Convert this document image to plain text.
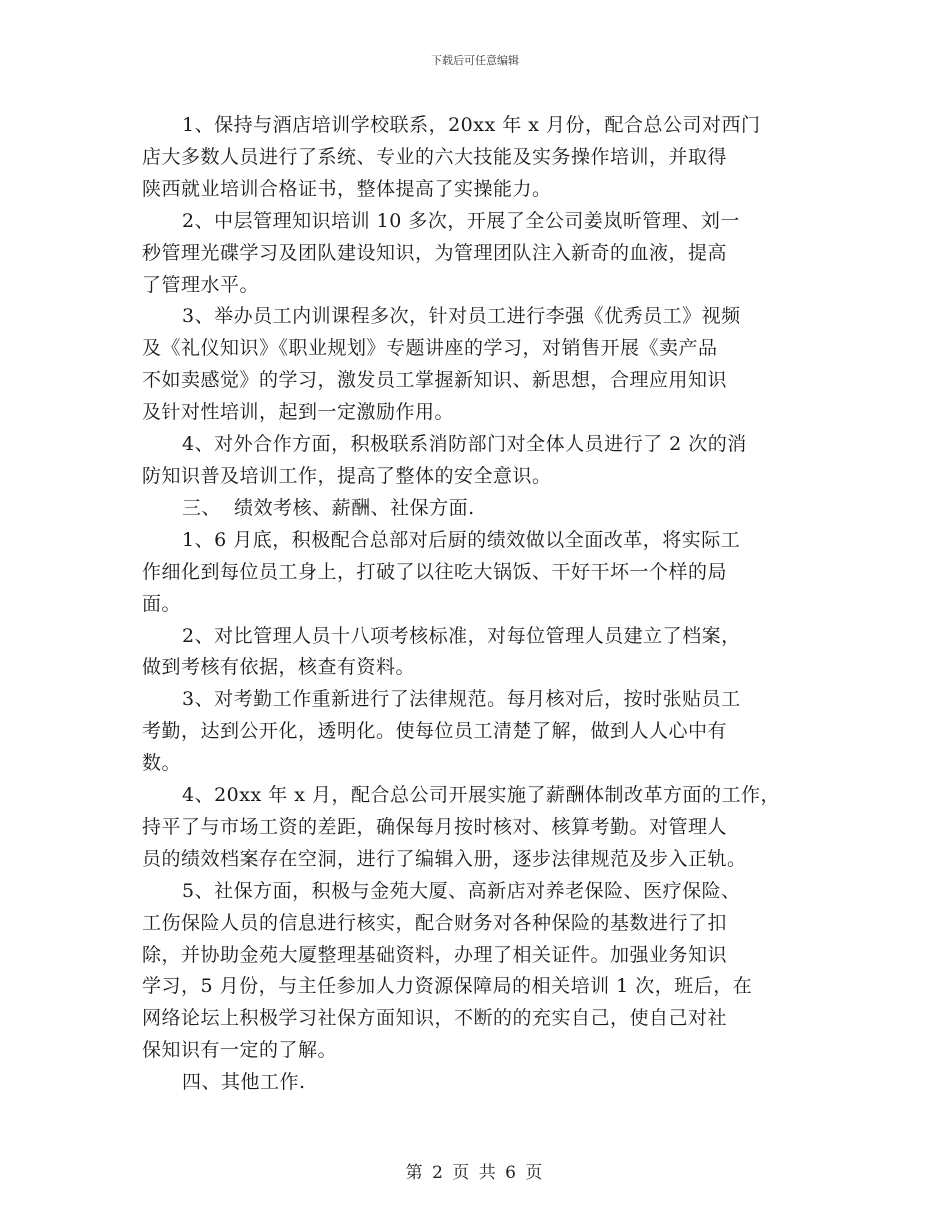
下载后可任意编辑
1、保持与酒店培训学校联系，20xx 年 x 月份，配合总公司对西门
店大多数人员进行了系统、专业的六大技能及实务操作培训，并取得
陕西就业培训合格证书，整体提高了实操能力。
2、中层管理知识培训 10 多次，开展了全公司姜岚昕管理、刘一
秒管理光碟学习及团队建设知识，为管理团队注入新奇的血液，提高
了管理水平。
3、举办员工内训课程多次，针对员工进行李强《优秀员工》视频
及《礼仪知识》《职业规划》专题讲座的学习，对销售开展《卖产品
不如卖感觉》的学习，激发员工掌握新知识、新思想，合理应用知识
及针对性培训，起到一定激励作用。
4、对外合作方面，积极联系消防部门对全体人员进行了 2 次的消
防知识普及培训工作，提高了整体的安全意识。
三、  绩效考核、薪酬、社保方面.
1、6 月底，积极配合总部对后厨的绩效做以全面改革，将实际工
作细化到每位员工身上，打破了以往吃大锅饭、干好干坏一个样的局
面。
2、对比管理人员十八项考核标准，对每位管理人员建立了档案，
做到考核有依据，核查有资料。
3、对考勤工作重新进行了法律规范。每月核对后，按时张贴员工
考勤，达到公开化，透明化。使每位员工清楚了解，做到人人心中有
数。
4、20xx 年 x 月，配合总公司开展实施了薪酬体制改革方面的工作，
持平了与市场工资的差距，确保每月按时核对、核算考勤。对管理人
员的绩效档案存在空洞，进行了编辑入册，逐步法律规范及步入正轨。
5、社保方面，积极与金苑大厦、高新店对养老保险、医疗保险、
工伤保险人员的信息进行核实，配合财务对各种保险的基数进行了扣
除，并协助金苑大厦整理基础资料，办理了相关证件。加强业务知识
学习，5 月份，与主任参加人力资源保障局的相关培训 1 次，班后，在
网络论坛上积极学习社保方面知识，不断的的充实自己，使自己对社
保知识有一定的了解。
四、其他工作.
第 2 页 共 6 页
